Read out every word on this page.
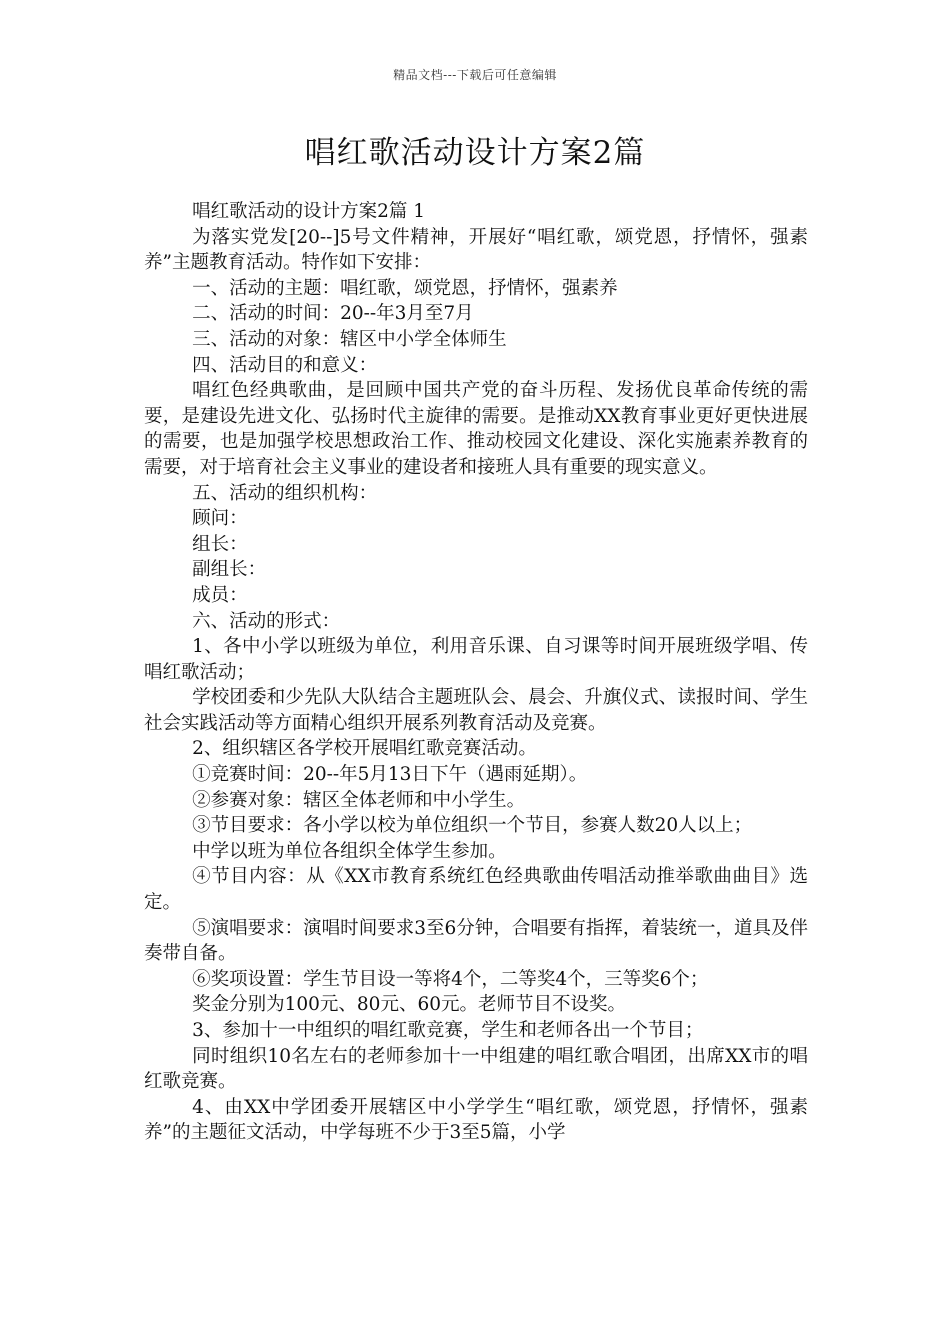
精品文档---下载后可任意编辑
唱红歌活动设计方案2篇

唱红歌活动的设计方案2篇 1

为落实党发[20--]5号文件精神，开展好“唱红歌，颂党恩，抒情怀，强素养”主题教育活动。特作如下安排：

一、活动的主题：唱红歌，颂党恩，抒情怀，强素养

二、活动的时间：20--年3月至7月

三、活动的对象：辖区中小学全体师生

四、活动目的和意义：

唱红色经典歌曲，是回顾中国共产党的奋斗历程、发扬优良革命传统的需要，是建设先进文化、弘扬时代主旋律的需要。是推动XX教育事业更好更快进展的需要，也是加强学校思想政治工作、推动校园文化建设、深化实施素养教育的需要，对于培育社会主义事业的建设者和接班人具有重要的现实意义。

五、活动的组织机构：

顾问：

组长：

副组长：

成员：

六、活动的形式：

1、各中小学以班级为单位，利用音乐课、自习课等时间开展班级学唱、传唱红歌活动；

学校团委和少先队大队结合主题班队会、晨会、升旗仪式、读报时间、学生社会实践活动等方面精心组织开展系列教育活动及竞赛。

2、组织辖区各学校开展唱红歌竞赛活动。

①竞赛时间：20--年5月13日下午（遇雨延期）。

②参赛对象：辖区全体老师和中小学生。

③节目要求：各小学以校为单位组织一个节目，参赛人数20人以上；

中学以班为单位各组织全体学生参加。

④节目内容：从《XX市教育系统红色经典歌曲传唱活动推举歌曲曲目》选定。

⑤演唱要求：演唱时间要求3至6分钟，合唱要有指挥，着装统一，道具及伴奏带自备。

⑥奖项设置：学生节目设一等将4个，二等奖4个，三等奖6个；

奖金分别为100元、80元、60元。老师节目不设奖。

3、参加十一中组织的唱红歌竞赛，学生和老师各出一个节目；

同时组织10名左右的老师参加十一中组建的唱红歌合唱团，出席XX市的唱红歌竞赛。

4、由XX中学团委开展辖区中小学学生“唱红歌，颂党恩，抒情怀，强素养”的主题征文活动，中学每班不少于3至5篇，小学
